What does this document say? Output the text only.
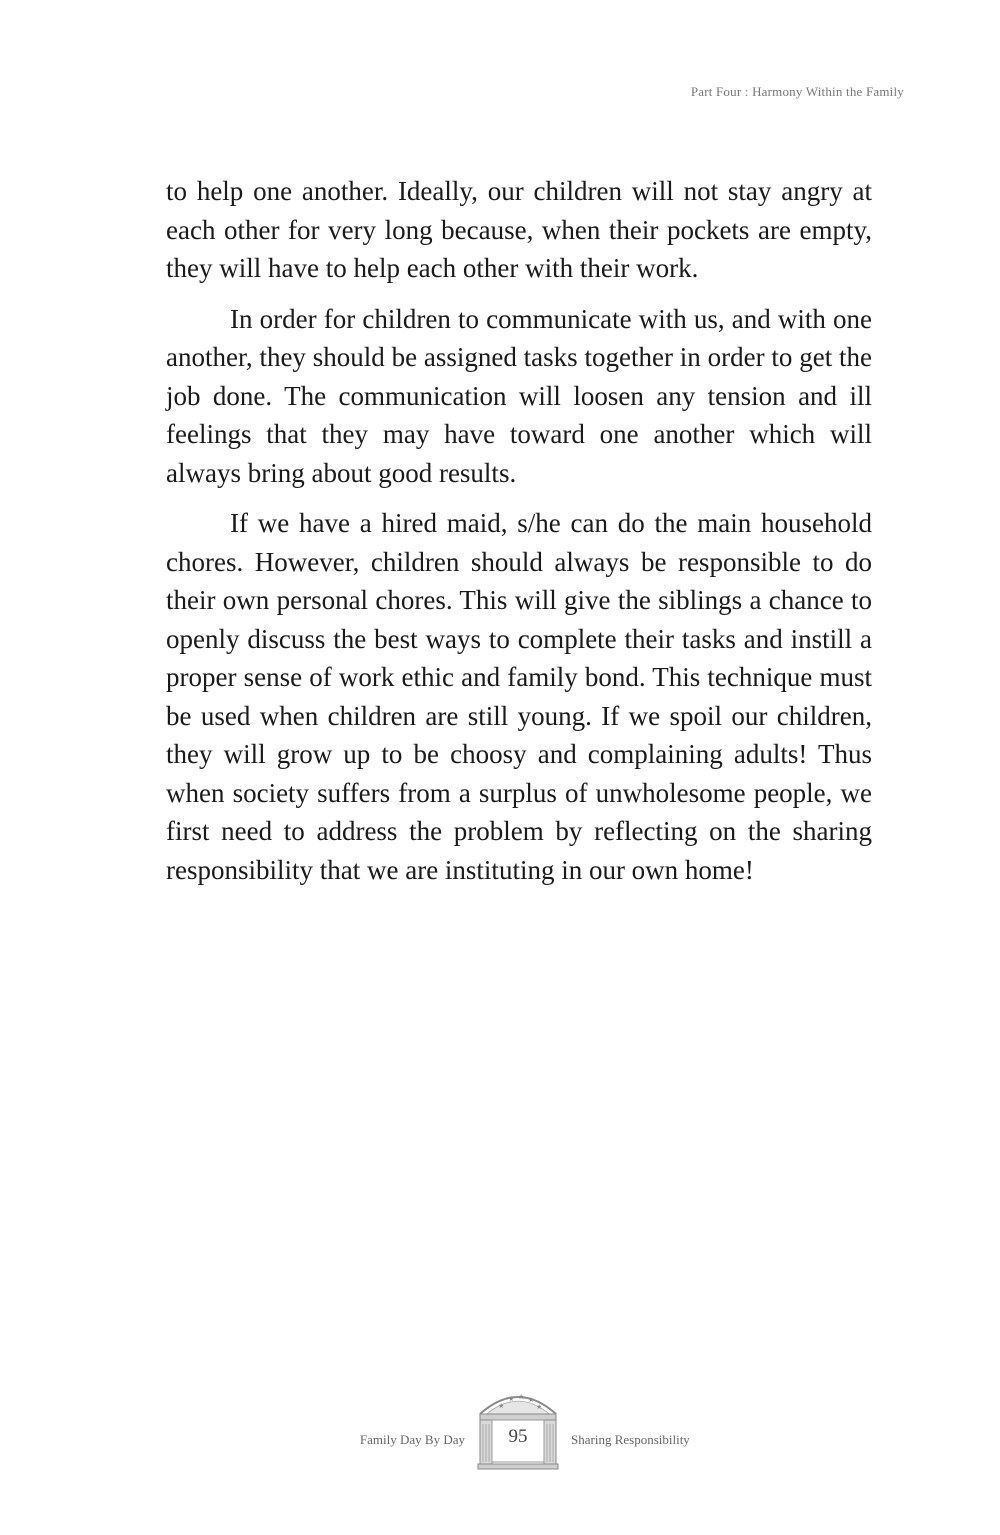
Part Four : Harmony Within the Family

to help one another. Ideally, our children will not stay angry at each other for very long because, when their pockets are empty, they will have to help each other with their work.

In order for children to communicate with us, and with one another, they should be assigned tasks together in order to get the job done. The communication will loosen any tension and ill feelings that they may have toward one another which will always bring about good results.

If we have a hired maid, s/he can do the main household chores. However, children should always be responsible to do their own personal chores. This will give the siblings a chance to openly discuss the best ways to complete their tasks and instill a proper sense of work ethic and family bond. This technique must be used when children are still young. If we spoil our children, they will grow up to be choosy and complaining adults! Thus when society suffers from a surplus of unwholesome people, we first need to address the problem by reflecting on the sharing responsibility that we are instituting in our own home!

Family Day By Day
★
★ ★ ★
★
95	Sharing Responsibility
